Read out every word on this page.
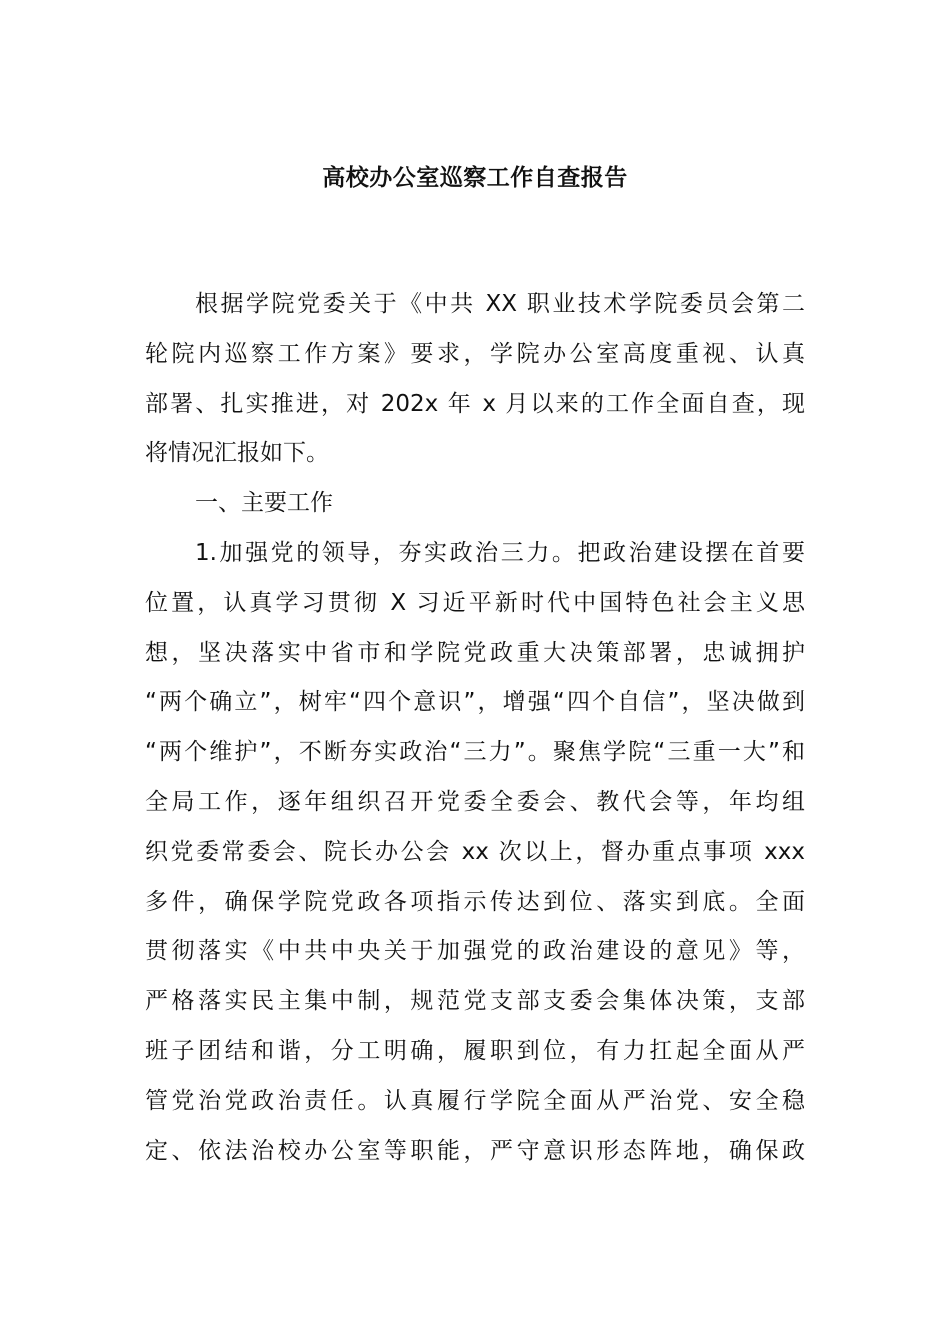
高校办公室巡察工作自查报告
根据学院党委关于《中共 XX 职业技术学院委员会第二
轮院内巡察工作方案》要求，学院办公室高度重视、认真
部署、扎实推进，对 202x 年 x 月以来的工作全面自查，现
将情况汇报如下。
一、主要工作
1.加强党的领导，夯实政治三力。把政治建设摆在首要
位置，认真学习贯彻 X 习近平新时代中国特色社会主义思
想，坚决落实中省市和学院党政重大决策部署，忠诚拥护
“两个确立”，树牢“四个意识”，增强“四个自信”，坚决做到
“两个维护”，不断夯实政治“三力”。聚焦学院“三重一大”和
全局工作，逐年组织召开党委全委会、教代会等，年均组
织党委常委会、院长办公会 xx 次以上，督办重点事项 xxx
多件，确保学院党政各项指示传达到位、落实到底。全面
贯彻落实《中共中央关于加强党的政治建设的意见》等，
严格落实民主集中制，规范党支部支委会集体决策，支部
班子团结和谐，分工明确，履职到位，有力扛起全面从严
管党治党政治责任。认真履行学院全面从严治党、安全稳
定、依法治校办公室等职能，严守意识形态阵地，确保政
